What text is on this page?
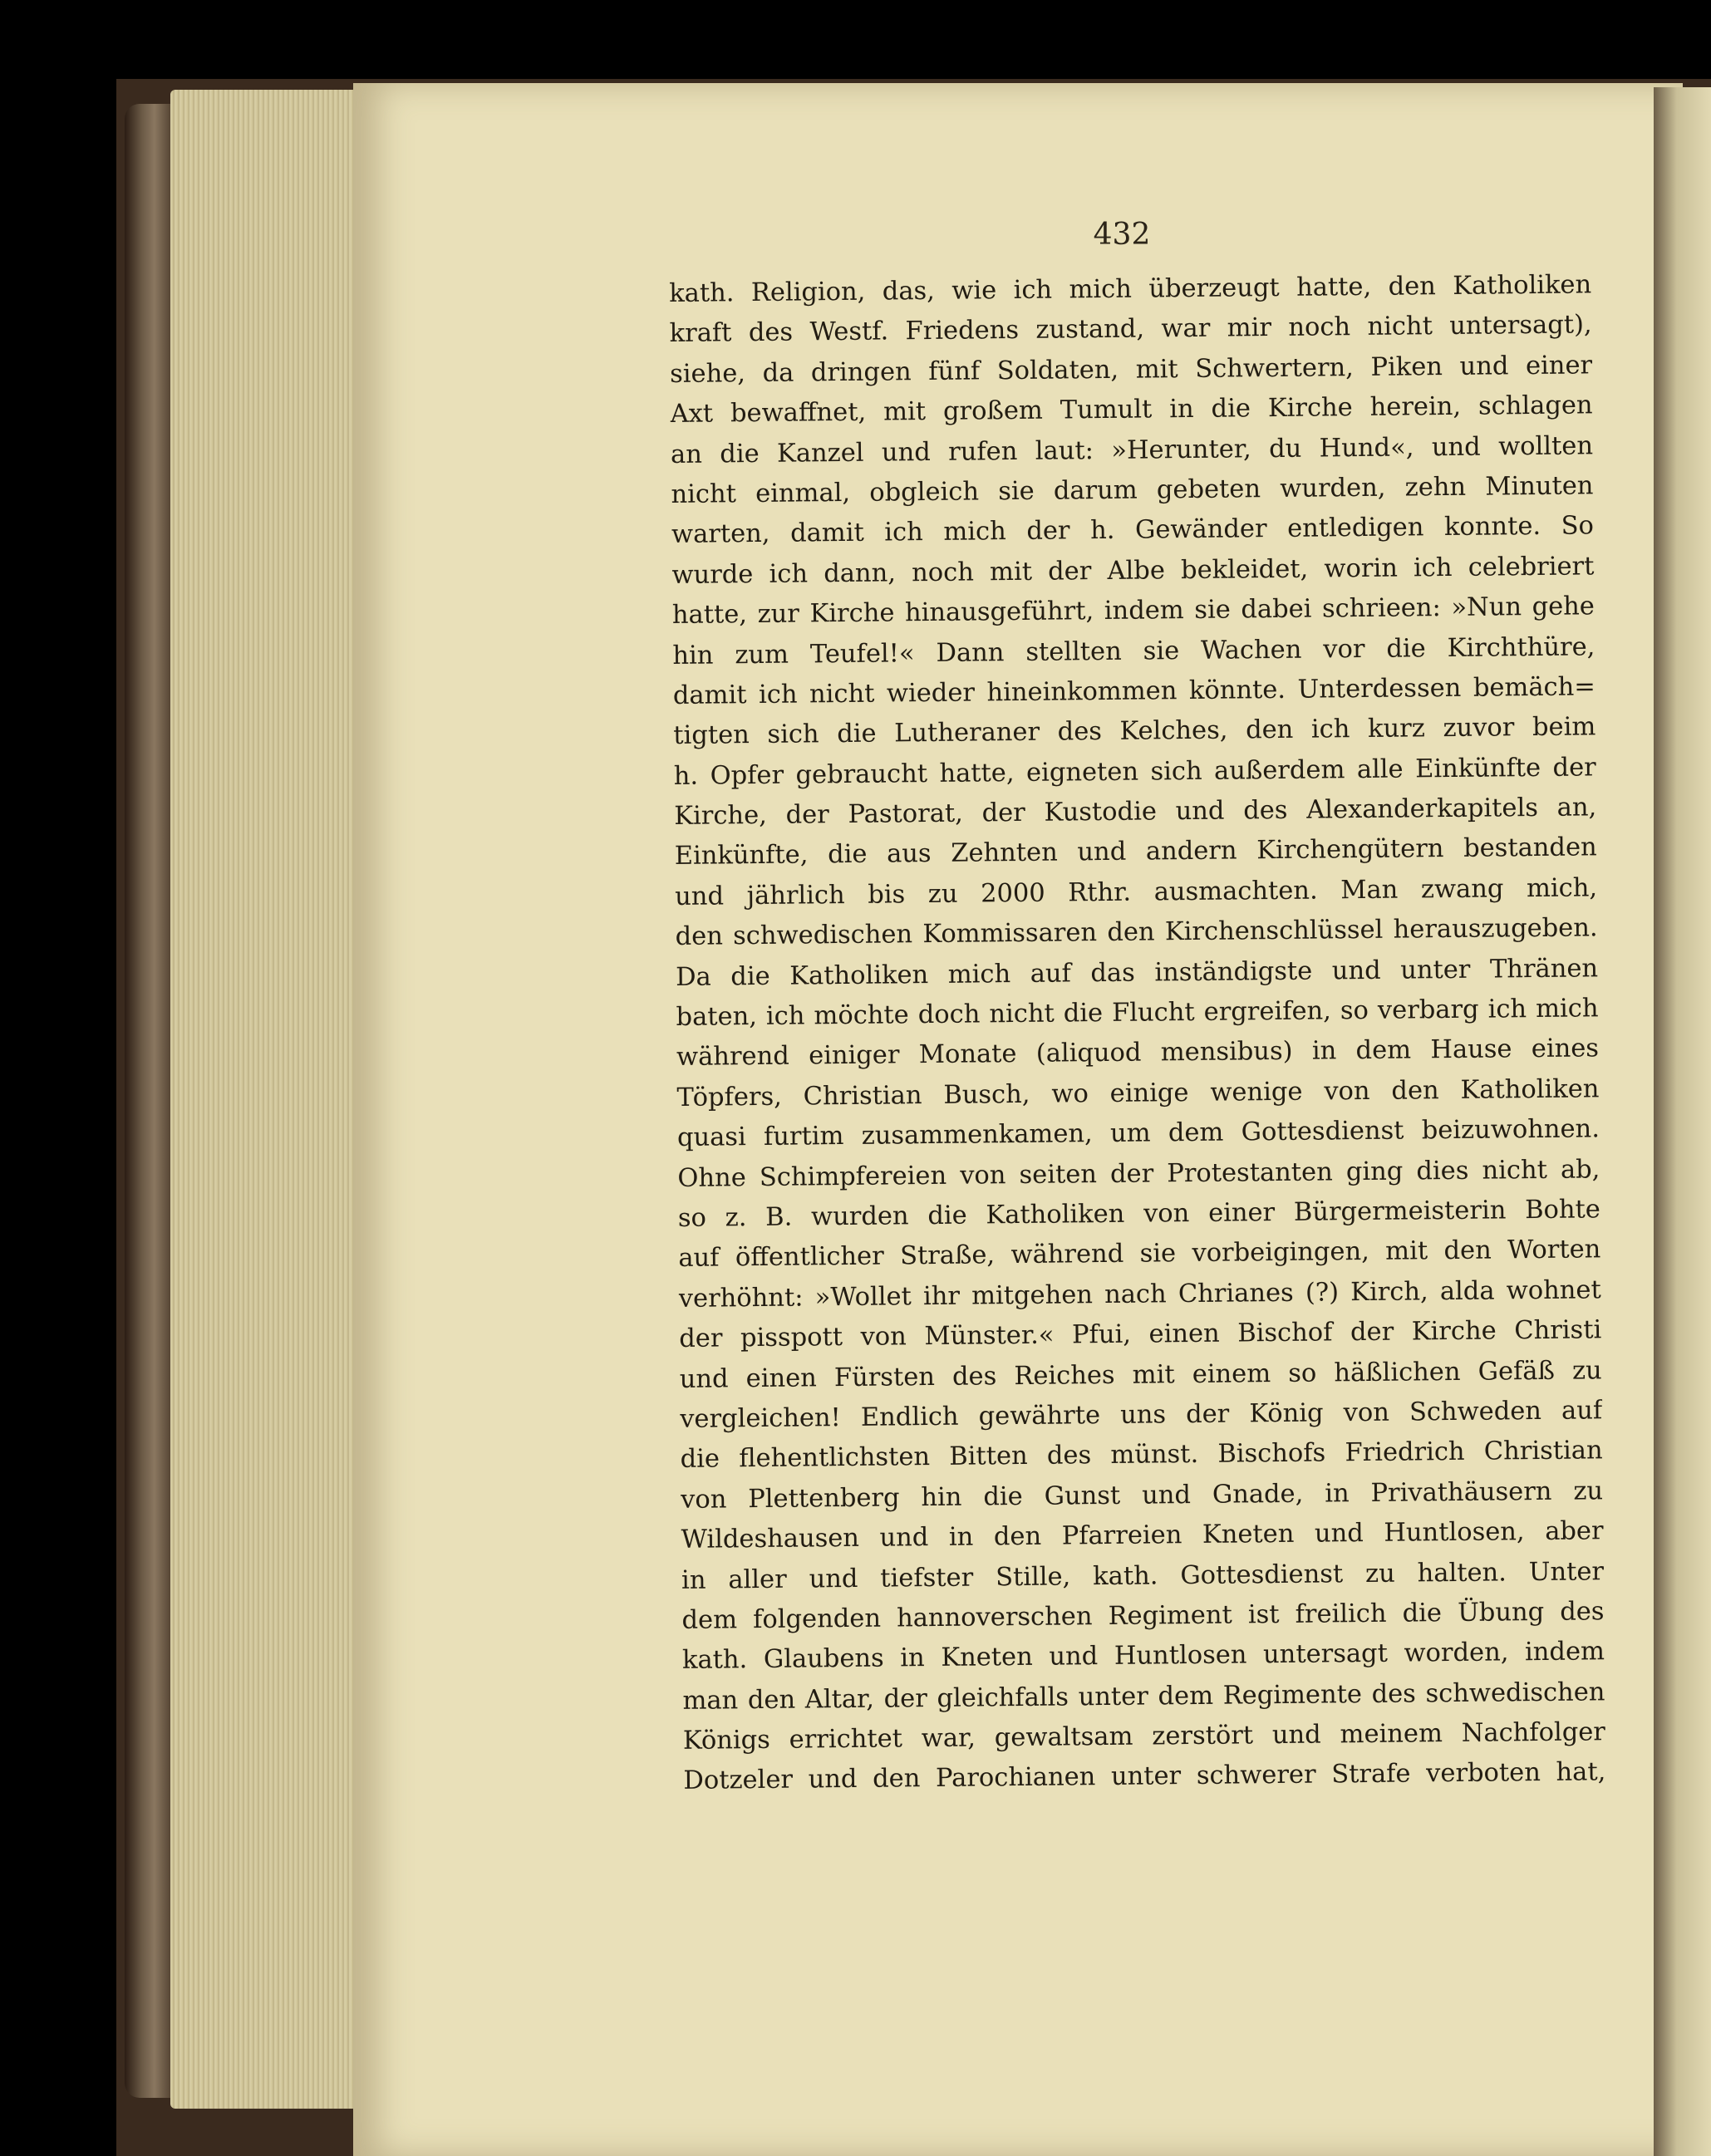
432
kath. Religion, das, wie ich mich überzeugt hatte, den Katholiken
kraft des Westf. Friedens zustand, war mir noch nicht untersagt),
siehe, da dringen fünf Soldaten, mit Schwertern, Piken und einer
Axt bewaffnet, mit großem Tumult in die Kirche herein, schlagen
an die Kanzel und rufen laut: »Herunter, du Hund«, und wollten
nicht einmal, obgleich sie darum gebeten wurden, zehn Minuten
warten, damit ich mich der h. Gewänder entledigen konnte. So
wurde ich dann, noch mit der Albe bekleidet, worin ich celebriert
hatte, zur Kirche hinausgeführt, indem sie dabei schrieen: »Nun gehe
hin zum Teufel!« Dann stellten sie Wachen vor die Kirchthüre,
damit ich nicht wieder hineinkommen könnte. Unterdessen bemäch=
tigten sich die Lutheraner des Kelches, den ich kurz zuvor beim
h. Opfer gebraucht hatte, eigneten sich außerdem alle Einkünfte der
Kirche, der Pastorat, der Kustodie und des Alexanderkapitels an,
Einkünfte, die aus Zehnten und andern Kirchengütern bestanden
und jährlich bis zu 2000 Rthr. ausmachten. Man zwang mich,
den schwedischen Kommissaren den Kirchenschlüssel herauszugeben.
Da die Katholiken mich auf das inständigste und unter Thränen
baten, ich möchte doch nicht die Flucht ergreifen, so verbarg ich mich
während einiger Monate (aliquod mensibus) in dem Hause eines
Töpfers, Christian Busch, wo einige wenige von den Katholiken
quasi furtim zusammenkamen, um dem Gottesdienst beizuwohnen.
Ohne Schimpfereien von seiten der Protestanten ging dies nicht ab,
so z. B. wurden die Katholiken von einer Bürgermeisterin Bohte
auf öffentlicher Straße, während sie vorbeigingen, mit den Worten
verhöhnt: »Wollet ihr mitgehen nach Chrianes (?) Kirch, alda wohnet
der pisspott von Münster.« Pfui, einen Bischof der Kirche Christi
und einen Fürsten des Reiches mit einem so häßlichen Gefäß zu
vergleichen! Endlich gewährte uns der König von Schweden auf
die flehentlichsten Bitten des münst. Bischofs Friedrich Christian
von Plettenberg hin die Gunst und Gnade, in Privathäusern zu
Wildeshausen und in den Pfarreien Kneten und Huntlosen, aber
in aller und tiefster Stille, kath. Gottesdienst zu halten. Unter
dem folgenden hannoverschen Regiment ist freilich die Übung des
kath. Glaubens in Kneten und Huntlosen untersagt worden, indem
man den Altar, der gleichfalls unter dem Regimente des schwedischen
Königs errichtet war, gewaltsam zerstört und meinem Nachfolger
Dotzeler und den Parochianen unter schwerer Strafe verboten hat,
